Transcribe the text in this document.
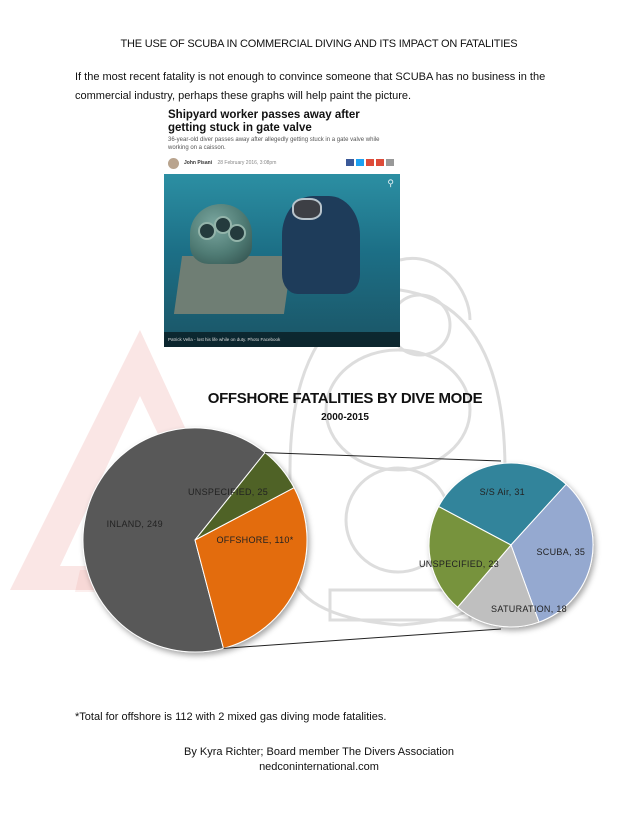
THE USE OF SCUBA IN COMMERCIAL DIVING AND ITS IMPACT ON FATALITIES
If the most recent fatality is not enough to convince someone that SCUBA has no business in the commercial industry, perhaps these graphs will help paint the picture.
Shipyard worker passes away after getting stuck in gate valve
36-year-old diver passes away after allegedly getting stuck in a gate valve while working on a caisson.
John Pisani 28 February 2016, 3:08pm
⚲
Patrick Vella - lost his life while on duty. Photo Facebook
OFFSHORE FATALITIES BY DIVE MODE
2000-2015
INLAND, 249
OFFSHORE, 110*
UNSPECIFIED, 25	S/S Air, 31
SCUBA, 35
SATURATION, 18
UNSPECIFIED, 23
*Total for offshore is 112 with 2 mixed gas diving mode fatalities.
By Kyra Richter; Board member The Divers Association
nedconinternational.com
